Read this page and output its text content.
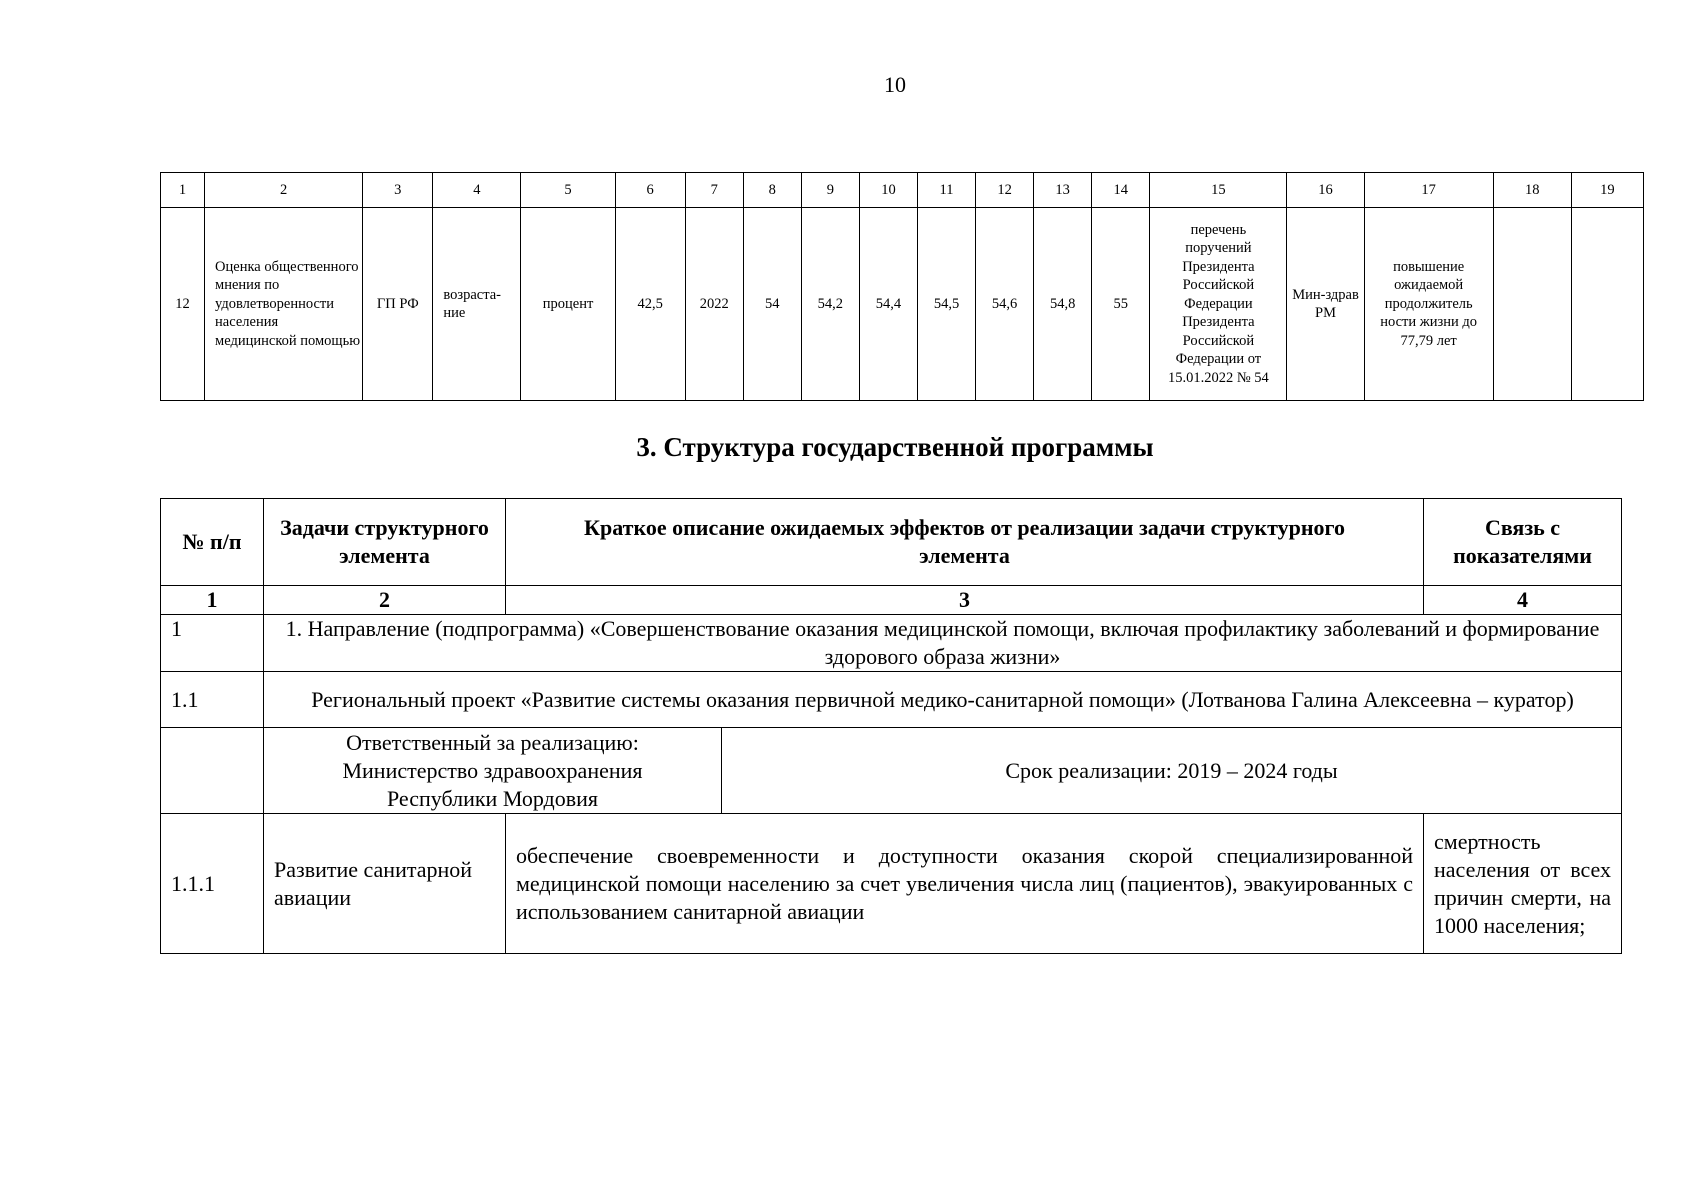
10
1	2	3	4	5	6	7	8	9	10	11	12	13	14	15	16	17	18	19
12	Оценка общественного мнения по удовлетворенности населения медицинской помощью	ГП РФ	возраста-ние	процент	42,5	2022	54	54,2	54,4	54,5	54,6	54,8	55	перечень поручений Президента Российской Федерации Президента Российской Федерации от 15.01.2022 № 54	Мин-здрав РМ	повышение ожидаемой продолжитель ности жизни до 77,79 лет		
3. Структура государственной программы
№ п/п	Задачи структурного элемента	Краткое описание ожидаемых эффектов от реализации задачи структурного элемента		Связь с показателями
1	2	3		4
1	1. Направление (подпрограмма) «Совершенствование оказания медицинской помощи, включая профилактику заболеваний и формирование здорового образа жизни»			
1.1	Региональный проект «Развитие системы оказания первичной медико-санитарной помощи» (Лотванова Галина Алексеевна – куратор)			
	Ответственный за реализацию: Министерство здравоохранения Республики Мордовия		Срок реализации: 2019 – 2024 годы	
1.1.1	Развитие санитарной авиации	обеспечение своевременности и доступности оказания скорой специализированной медицинской помощи населению за счет увеличения числа лиц (пациентов), эвакуированных с использованием санитарной авиации		смертность населения от всех причин смерти, на 1000 населения;
